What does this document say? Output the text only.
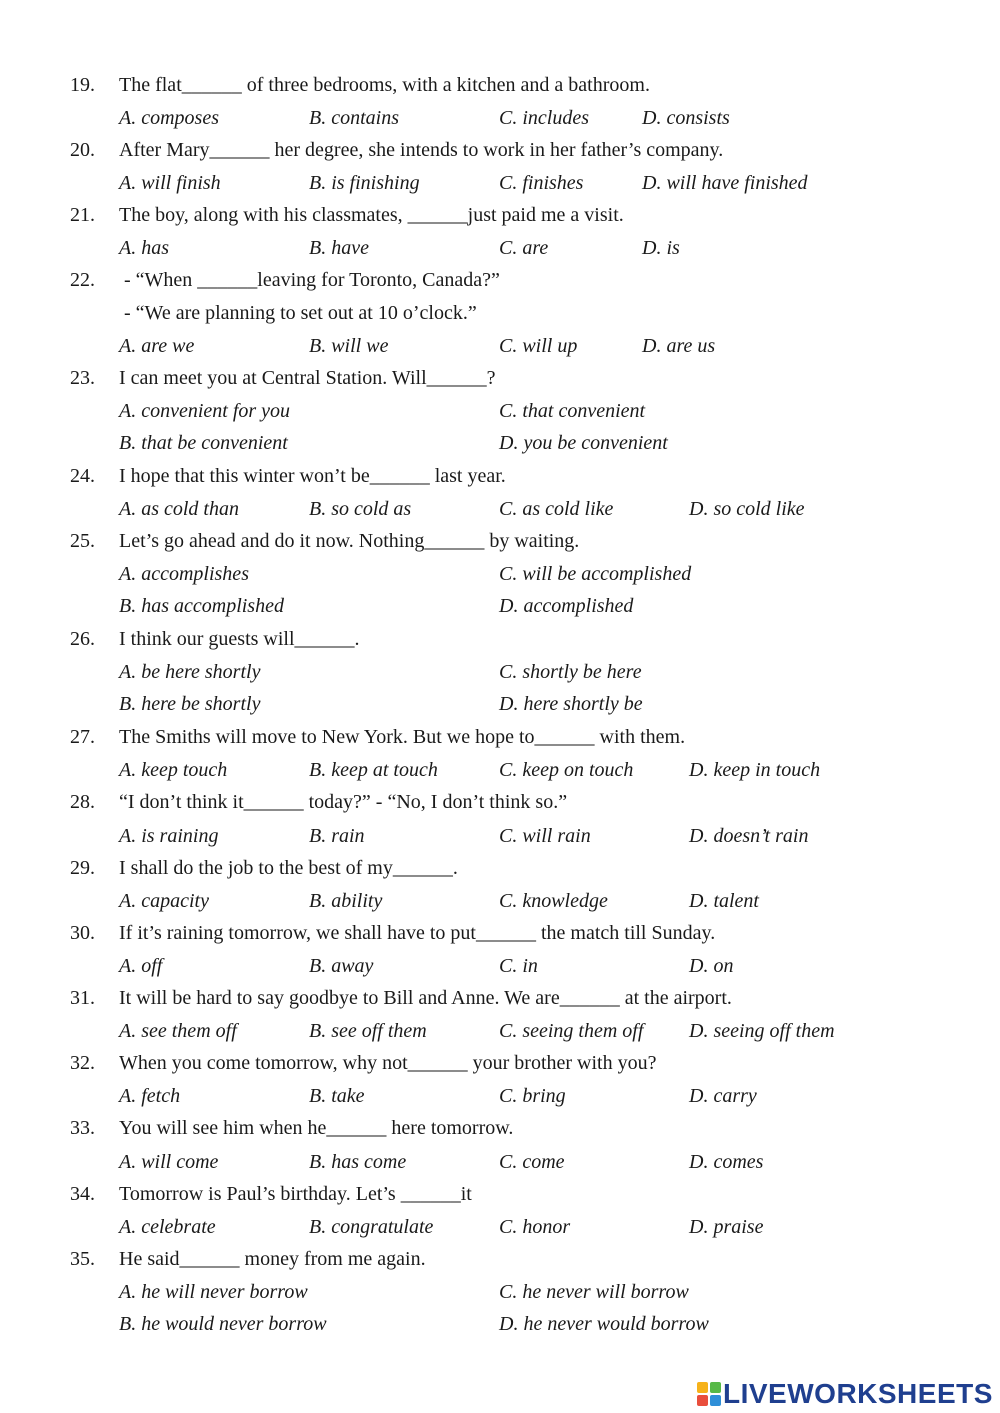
19. The flat______ of three bedrooms, with a kitchen and a bathroom.
A. composes	B. contains	C. includes	D. consists
20. After Mary______ her degree, she intends to work in her father’s company.
A. will finish	B. is finishing	C. finishes	D. will have finished
21. The boy, along with his classmates, ______just paid me a visit.
A. has	B. have	C. are	D. is
22. - “When ______leaving for Toronto, Canada?”
- “We are planning to set out at 10 o’clock.”
A. are we	B. will we	C. will up	D. are us
23. I can meet you at Central Station. Will______?
A. convenient for you	C. that convenient
B. that be convenient	D. you be convenient
24. I hope that this winter won’t be______ last year.
A. as cold than	B. so cold as	C. as cold like	D. so cold like
25. Let’s go ahead and do it now. Nothing______ by waiting.
A. accomplishes	C. will be accomplished
B. has accomplished	D. accomplished
26. I think our guests will______.
A. be here shortly	C. shortly be here
B. here be shortly	D. here shortly be
27. The Smiths will move to New York. But we hope to______ with them.
A. keep touch	B. keep at touch	C. keep on touch	D. keep in touch
28. “I don’t think it______ today?” - “No, I don’t think so.”
A. is raining	B. rain	C. will rain	D. doesn’t rain
29. I shall do the job to the best of my______.
A. capacity	B. ability	C. knowledge	D. talent
30. If it’s raining tomorrow, we shall have to put______ the match till Sunday.
A. off	B. away	C. in	D. on
31. It will be hard to say goodbye to Bill and Anne. We are______ at the airport.
A. see them off	B. see off them	C. seeing them off D. seeing off them
32. When you come tomorrow, why not______ your brother with you?
A. fetch	B. take	C. bring	D. carry
33. You will see him when he______ here tomorrow.
A. will come	B. has come	C. come	D. comes
34. Tomorrow is Paul’s birthday. Let’s ______it
A. celebrate	B. congratulate	C. honor	D. praise
35. He said______ money from me again.
A. he will never borrow	C. he never will borrow
B. he would never borrow	D. he never would borrow
LIVEWORKSHEETS
